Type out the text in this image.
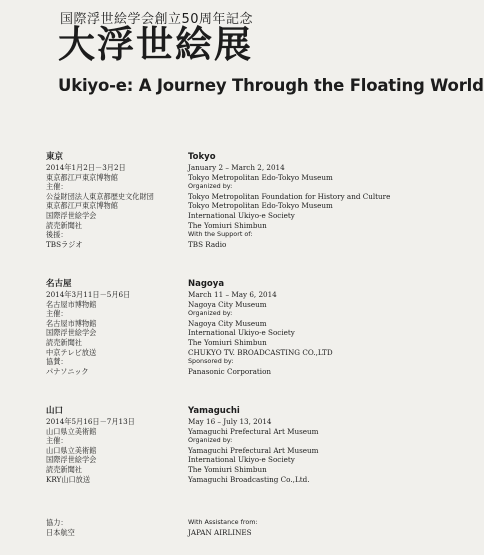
国際浮世絵学会創立50周年記念
大浮世絵展
Ukiyo-e: A Journey Through the Floating World
東京
2014年1月2日－3月2日
東京都江戸東京博物館
主催：
公益財団法人東京都歴史文化財団
東京都江戸東京博物館
国際浮世絵学会
読売新聞社
後援：
TBSラジオ
Tokyo
January 2 – March 2, 2014
Tokyo Metropolitan Edo-Tokyo Museum
Organized by:
Tokyo Metropolitan Foundation for History and Culture
Tokyo Metropolitan Edo-Tokyo Museum
International Ukiyo-e Society
The Yomiuri Shimbun
With the Support of:
TBS Radio
名古屋
2014年3月11日－5月6日
名古屋市博物館
主催：
名古屋市博物館
国際浮世絵学会
読売新聞社
中京テレビ放送
協賛：
パナソニック
Nagoya
March 11 – May 6, 2014
Nagoya City Museum
Organized by:
Nagoya City Museum
International Ukiyo-e Society
The Yomiuri Shimbun
CHUKYO TV. BROADCASTING CO.,LTD
Sponsored by:
Panasonic Corporation
山口
2014年5月16日－7月13日
山口県立美術館
主催：
山口県立美術館
国際浮世絵学会
読売新聞社
KRY山口放送
Yamaguchi
May 16 – July 13, 2014
Yamaguchi Prefectural Art Museum
Organized by:
Yamaguchi Prefectural Art Museum
International Ukiyo-e Society
The Yomiuri Shimbun
Yamaguchi Broadcasting Co.,Ltd.
協力：
日本航空
With Assistance from:
JAPAN AIRLINES
